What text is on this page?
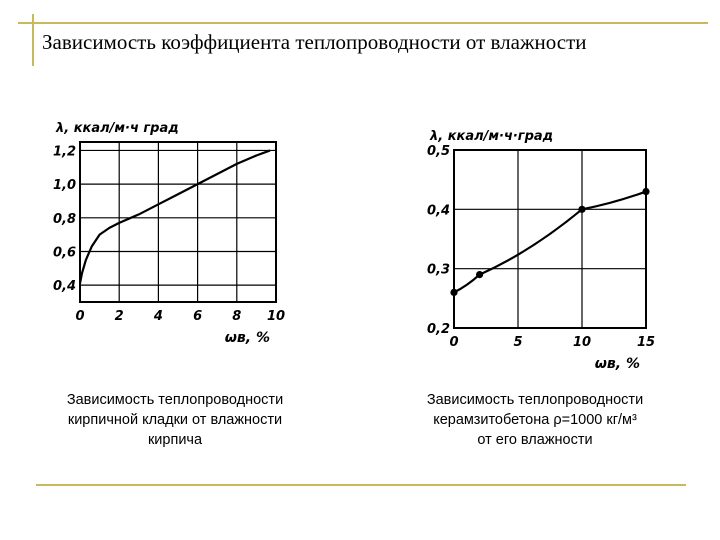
Зависимость коэффициента теплопроводности от влажности
0 2 4 6 8 10
0,4
0,6
0,8
1,0
1,2
λ, ккал/м·ч град
ωв, %	0	5	10	15
0,2
0,3
0,4
0,5
λ, ккал/м·ч·град
ωв, %
Зависимость теплопроводности
кирпичной кладки от влажности
кирпича
Зависимость теплопроводности
керамзитобетона ρ=1000 кг/м³
от его влажности
